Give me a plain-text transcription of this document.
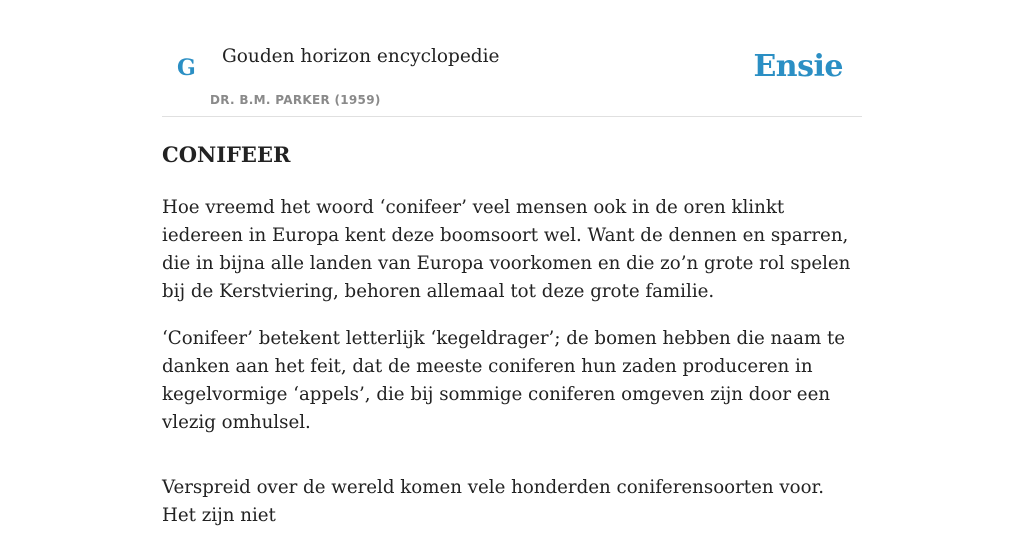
G Gouden horizon encyclopedie
DR. B.M. PARKER (1959)
Ensie
CONIFEER

Hoe vreemd het woord ‘conifeer’ veel mensen ook in de oren klinkt iedereen in Europa kent deze boomsoort wel. Want de dennen en sparren, die in bijna alle landen van Europa voorkomen en die zo’n grote rol spelen bij de Kerstviering, behoren allemaal tot deze grote familie.

‘Conifeer’ betekent letterlijk ‘kegeldrager’; de bomen hebben die naam te danken aan het feit, dat de meeste coniferen hun zaden produceren in kegelvormige ‘appels’, die bij sommige coniferen omgeven zijn door een vlezig omhulsel.

Verspreid over de wereld komen vele honderden coniferensoorten voor. Het zijn niet
